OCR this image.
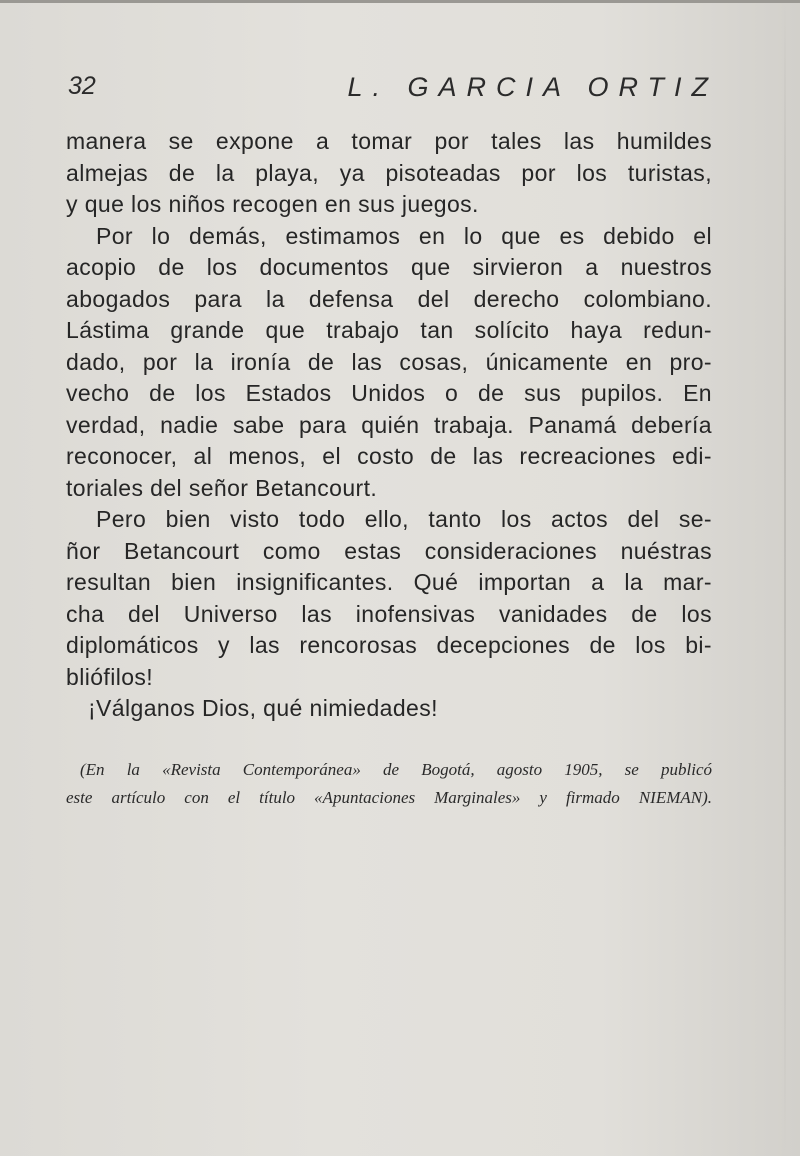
32	L. GARCIA ORTIZ
manera se expone a tomar por tales las humildes
almejas de la playa, ya pisoteadas por los turistas,
y que los niños recogen en sus juegos.
Por lo demás, estimamos en lo que es debido el
acopio de los documentos que sirvieron a nuestros
abogados para la defensa del derecho colombiano.
Lástima grande que trabajo tan solícito haya redun-
dado, por la ironía de las cosas, únicamente en pro-
vecho de los Estados Unidos o de sus pupilos. En
verdad, nadie sabe para quién trabaja. Panamá debería
reconocer, al menos, el costo de las recreaciones edi-
toriales del señor Betancourt.
Pero bien visto todo ello, tanto los actos del se-
ñor Betancourt como estas consideraciones nuéstras
resultan bien insignificantes. Qué importan a la mar-
cha del Universo las inofensivas vanidades de los
diplomáticos y las rencorosas decepciones de los bi-
bliófilos!
¡Válganos Dios, qué nimiedades!
(En la «Revista Contemporánea» de Bogotá, agosto 1905, se publicó
este artículo con el título «Apuntaciones Marginales» y firmado NIEMAN).
